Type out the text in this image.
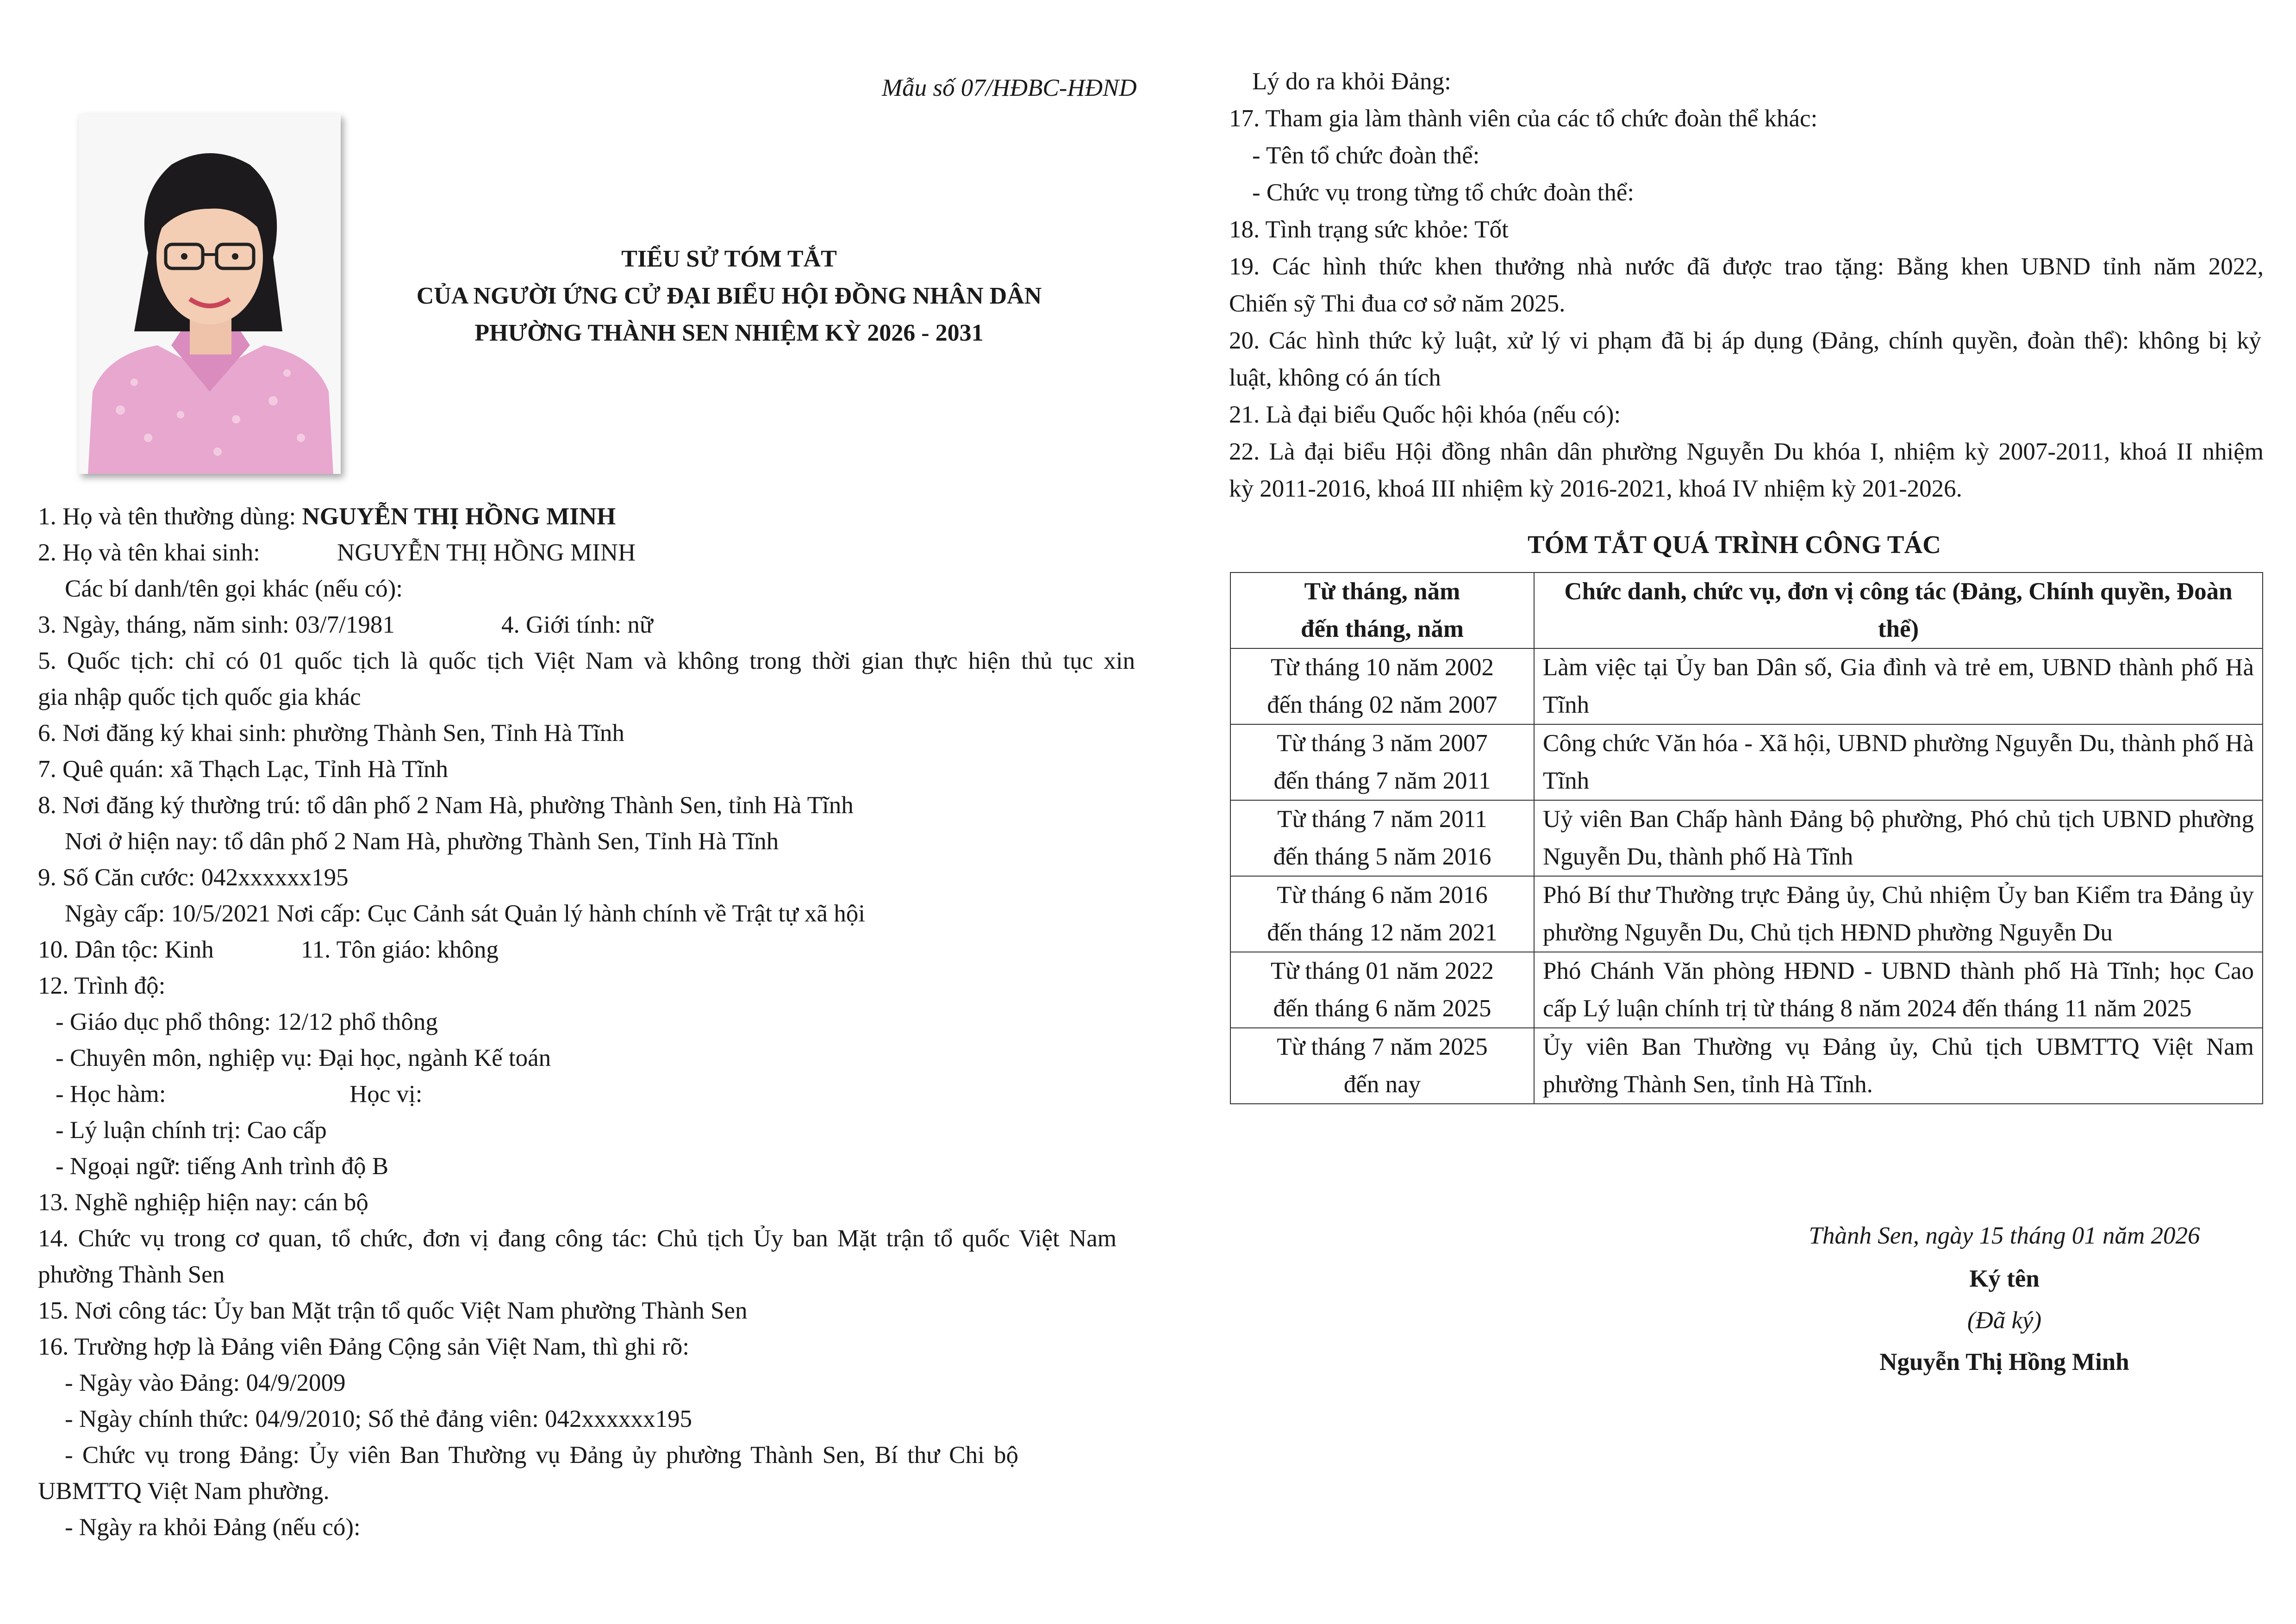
Mẫu số 07/HĐBC-HĐND
TIỂU SỬ TÓM TẮT
CỦA NGƯỜI ỨNG CỬ ĐẠI BIỂU HỘI ĐỒNG NHÂN DÂN
PHƯỜNG THÀNH SEN NHIỆM KỲ 2026 - 2031
1. Họ và tên thường dùng: NGUYỄN THỊ HỒNG MINH
2. Họ và tên khai sinh:	NGUYỄN THỊ HỒNG MINH
Các bí danh/tên gọi khác (nếu có):
3. Ngày, tháng, năm sinh: 03/7/1981	4. Giới tính: nữ
5. Quốc tịch: chỉ có 01 quốc tịch là quốc tịch Việt Nam và không trong thời gian thực hiện thủ tục xin
gia nhập quốc tịch quốc gia khác
6. Nơi đăng ký khai sinh: phường Thành Sen, Tỉnh Hà Tĩnh
7. Quê quán: xã Thạch Lạc, Tỉnh Hà Tĩnh
8. Nơi đăng ký thường trú: tổ dân phố 2 Nam Hà, phường Thành Sen, tỉnh Hà Tĩnh
Nơi ở hiện nay: tổ dân phố 2 Nam Hà, phường Thành Sen, Tỉnh Hà Tĩnh
9. Số Căn cước: 042xxxxxx195
Ngày cấp: 10/5/2021 Nơi cấp: Cục Cảnh sát Quản lý hành chính về Trật tự xã hội
10. Dân tộc: Kinh	11. Tôn giáo: không
12. Trình độ:
- Giáo dục phổ thông: 12/12 phổ thông
- Chuyên môn, nghiệp vụ: Đại học, ngành Kế toán
- Học hàm:	Học vị:
- Lý luận chính trị: Cao cấp
- Ngoại ngữ: tiếng Anh trình độ B
13. Nghề nghiệp hiện nay: cán bộ
14. Chức vụ trong cơ quan, tổ chức, đơn vị đang công tác: Chủ tịch Ủy ban Mặt trận tổ quốc Việt Nam
phường Thành Sen
15. Nơi công tác: Ủy ban Mặt trận tổ quốc Việt Nam phường Thành Sen
16. Trường hợp là Đảng viên Đảng Cộng sản Việt Nam, thì ghi rõ:
- Ngày vào Đảng: 04/9/2009
- Ngày chính thức: 04/9/2010; Số thẻ đảng viên: 042xxxxxx195
- Chức vụ trong Đảng: Ủy viên Ban Thường vụ Đảng ủy phường Thành Sen, Bí thư Chi bộ
UBMTTQ Việt Nam phường.
- Ngày ra khỏi Đảng (nếu có):
Lý do ra khỏi Đảng:
17. Tham gia làm thành viên của các tổ chức đoàn thể khác:
- Tên tổ chức đoàn thể:
- Chức vụ trong từng tổ chức đoàn thể:
18. Tình trạng sức khỏe: Tốt
19. Các hình thức khen thưởng nhà nước đã được trao tặng: Bằng khen UBND tỉnh năm 2022,
Chiến sỹ Thi đua cơ sở năm 2025.
20. Các hình thức kỷ luật, xử lý vi phạm đã bị áp dụng (Đảng, chính quyền, đoàn thể): không bị kỷ
luật, không có án tích
21. Là đại biểu Quốc hội khóa (nếu có):
22. Là đại biểu Hội đồng nhân dân phường Nguyễn Du khóa I, nhiệm kỳ 2007-2011, khoá II nhiệm
kỳ 2011-2016, khoá III nhiệm kỳ 2016-2021, khoá IV nhiệm kỳ 201-2026.
TÓM TẮT QUÁ TRÌNH CÔNG TÁC
Từ tháng, năm
đến tháng, năm	Chức danh, chức vụ, đơn vị công tác (Đảng, Chính quyền, Đoàn thể)

Từ tháng 10 năm 2002
đến tháng 02 năm 2007	Làm việc tại Ủy ban Dân số, Gia đình và trẻ em, UBND thành phố Hà Tĩnh

Từ tháng 3 năm 2007
đến tháng 7 năm 2011	Công chức Văn hóa - Xã hội, UBND phường Nguyễn Du, thành phố Hà Tĩnh

Từ tháng 7 năm 2011
đến tháng 5 năm 2016	Uỷ viên Ban Chấp hành Đảng bộ phường, Phó chủ tịch UBND phường Nguyễn Du, thành phố Hà Tĩnh

Từ tháng 6 năm 2016
đến tháng 12 năm 2021	Phó Bí thư Thường trực Đảng ủy, Chủ nhiệm Ủy ban Kiểm tra Đảng ủy phường Nguyễn Du, Chủ tịch HĐND phường Nguyễn Du

Từ tháng 01 năm 2022
đến tháng 6 năm 2025	Phó Chánh Văn phòng HĐND - UBND thành phố Hà Tĩnh; học Cao cấp Lý luận chính trị từ tháng 8 năm 2024 đến tháng 11 năm 2025

Từ tháng 7 năm 2025
đến nay	Ủy viên Ban Thường vụ Đảng ủy, Chủ tịch UBMTTQ Việt Nam phường Thành Sen, tỉnh Hà Tĩnh.
Thành Sen, ngày 15 tháng 01 năm 2026
Ký tên
(Đã ký)
Nguyễn Thị Hồng Minh
